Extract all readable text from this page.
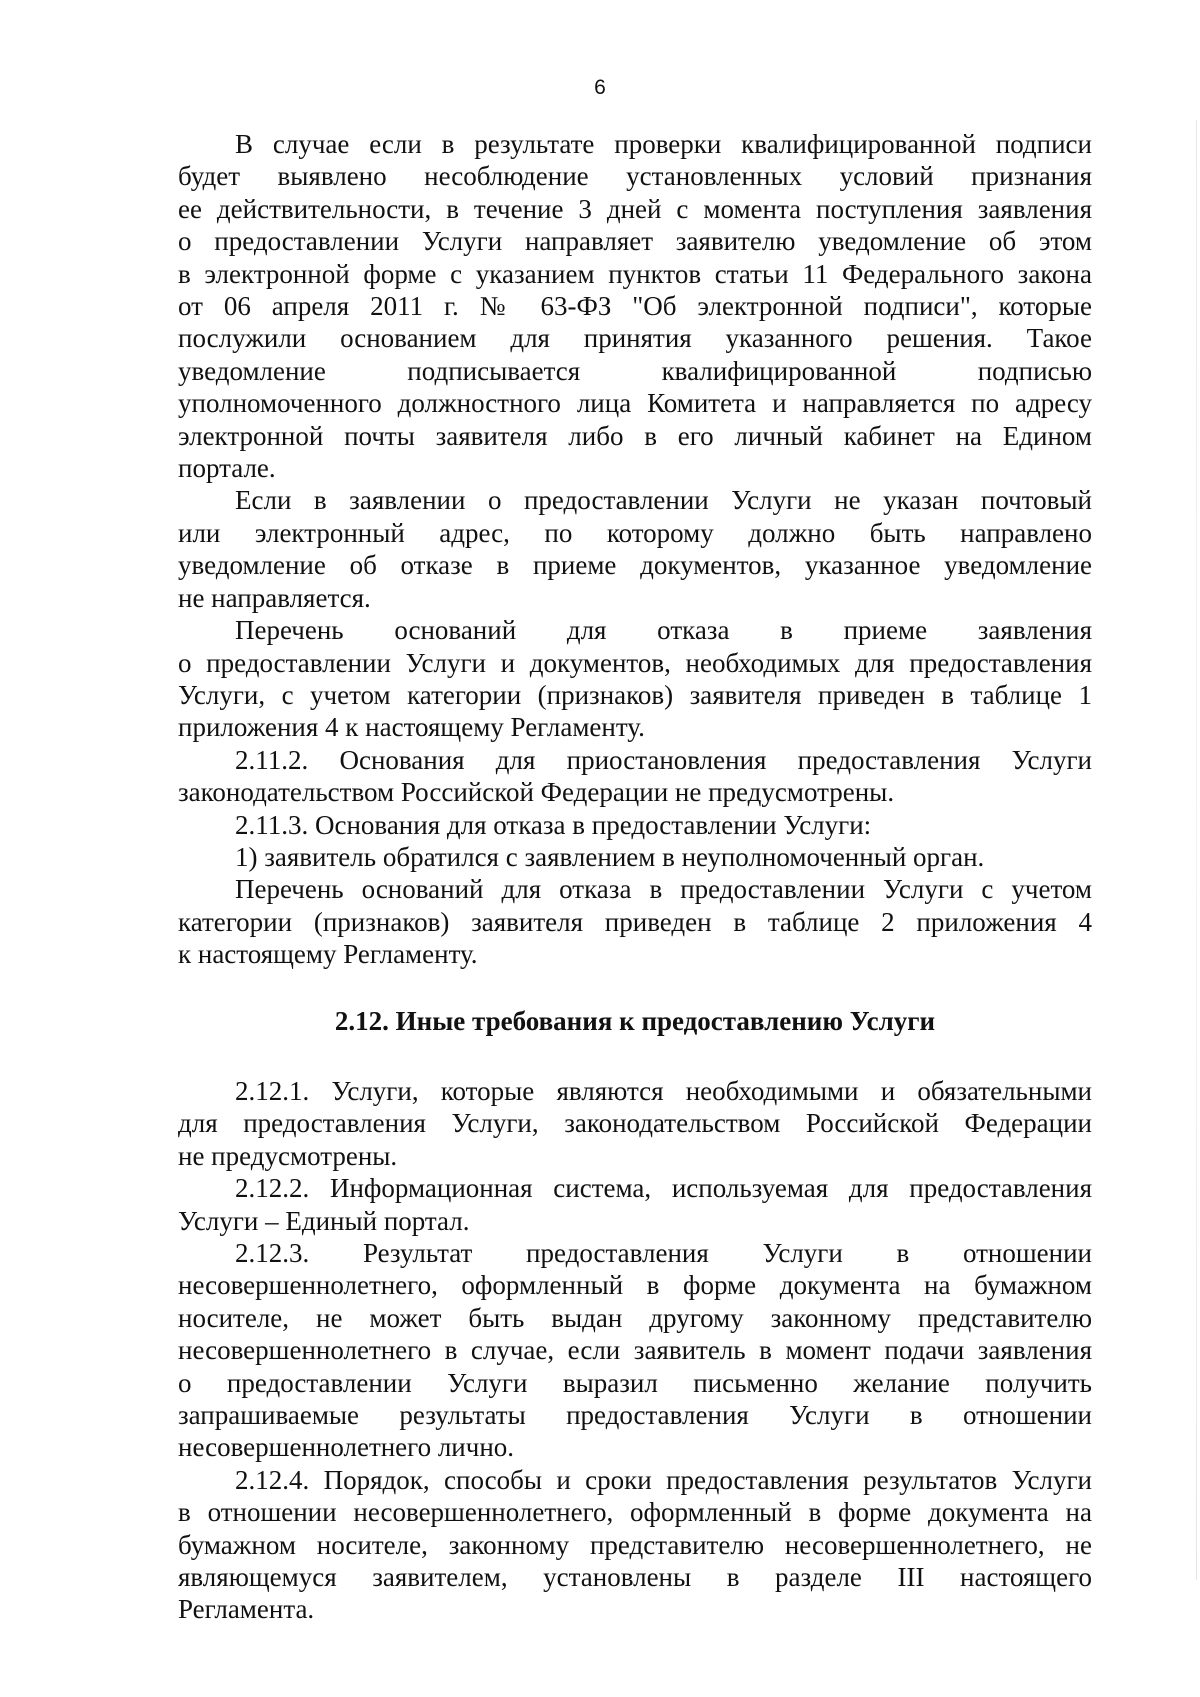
6
В случае если в результате проверки квалифицированной подписи
будет выявлено несоблюдение установленных условий признания
ее действительности, в течение 3 дней с момента поступления заявления
о предоставлении Услуги направляет заявителю уведомление об этом
в электронной форме с указанием пунктов статьи 11 Федерального закона
от 06 апреля 2011 г. № 63-ФЗ "Об электронной подписи", которые
послужили основанием для принятия указанного решения. Такое
уведомление подписывается квалифицированной подписью
уполномоченного должностного лица Комитета и направляется по адресу
электронной почты заявителя либо в его личный кабинет на Едином
портале.
Если в заявлении о предоставлении Услуги не указан почтовый
или электронный адрес, по которому должно быть направлено
уведомление об отказе в приеме документов, указанное уведомление
не направляется.
Перечень оснований для отказа в приеме заявления
о предоставлении Услуги и документов, необходимых для предоставления
Услуги, с учетом категории (признаков) заявителя приведен в таблице 1
приложения 4 к настоящему Регламенту.
2.11.2. Основания для приостановления предоставления Услуги
законодательством Российской Федерации не предусмотрены.
2.11.3. Основания для отказа в предоставлении Услуги:
1) заявитель обратился с заявлением в неуполномоченный орган.
Перечень оснований для отказа в предоставлении Услуги с учетом
категории (признаков) заявителя приведен в таблице 2 приложения 4
к настоящему Регламенту.
2.12. Иные требования к предоставлению Услуги
2.12.1. Услуги, которые являются необходимыми и обязательными
для предоставления Услуги, законодательством Российской Федерации
не предусмотрены.
2.12.2. Информационная система, используемая для предоставления
Услуги – Единый портал.
2.12.3. Результат предоставления Услуги в отношении
несовершеннолетнего, оформленный в форме документа на бумажном
носителе, не может быть выдан другому законному представителю
несовершеннолетнего в случае, если заявитель в момент подачи заявления
о предоставлении Услуги выразил письменно желание получить
запрашиваемые результаты предоставления Услуги в отношении
несовершеннолетнего лично.
2.12.4. Порядок, способы и сроки предоставления результатов Услуги
в отношении несовершеннолетнего, оформленный в форме документа на
бумажном носителе, законному представителю несовершеннолетнего, не
являющемуся заявителем, установлены в разделе III настоящего
Регламента.
